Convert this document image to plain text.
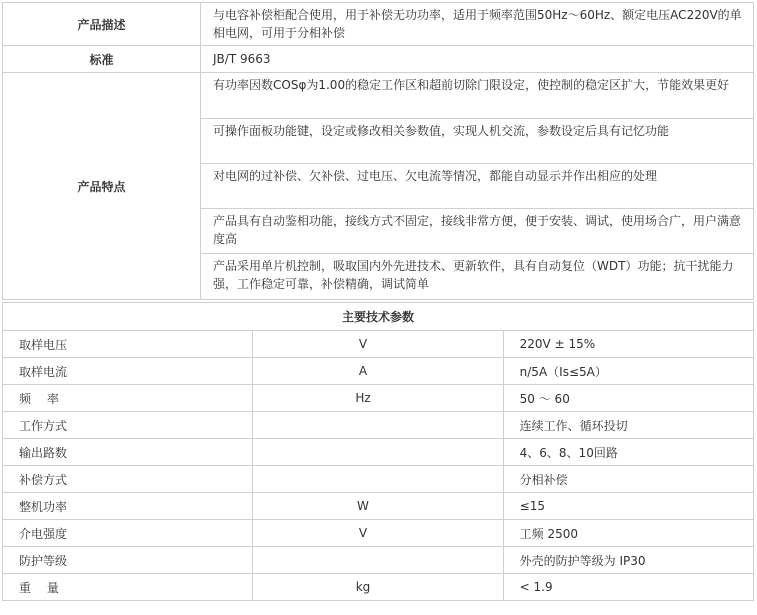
产品描述	与电容补偿柜配合使用，用于补偿无功功率，适用于频率范围50Hz～60Hz、额定电压AC220V的单相电网，可用于分相补偿
标准	JB/T 9663
产品特点	有功率因数COSφ为1.00的稳定工作区和超前切除门限设定，使控制的稳定区扩大，节能效果更好
可操作面板功能键，设定或修改相关参数值，实现人机交流，参数设定后具有记忆功能
对电网的过补偿、欠补偿、过电压、欠电流等情况，都能自动显示并作出相应的处理
产品具有自动鉴相功能，接线方式不固定，接线非常方便，便于安装、调试，使用场合广，用户满意度高
产品采用单片机控制，吸取国内外先进技术、更新软件，具有自动复位（WDT）功能；抗干扰能力强，工作稳定可靠，补偿精确，调试简单
主要技术参数		
取样电压	V	220V ± 15%
取样电流	A	n/5A（Is≤5A）
频　 率	Hz	50 ～ 60
工作方式		连续工作、循环投切
输出路数		4、6、8、10回路
补偿方式		分相补偿
整机功率	W	≤15
介电强度	V	工频 2500
防护等级		外壳的防护等级为 IP30
重　 量	kg	< 1.9
